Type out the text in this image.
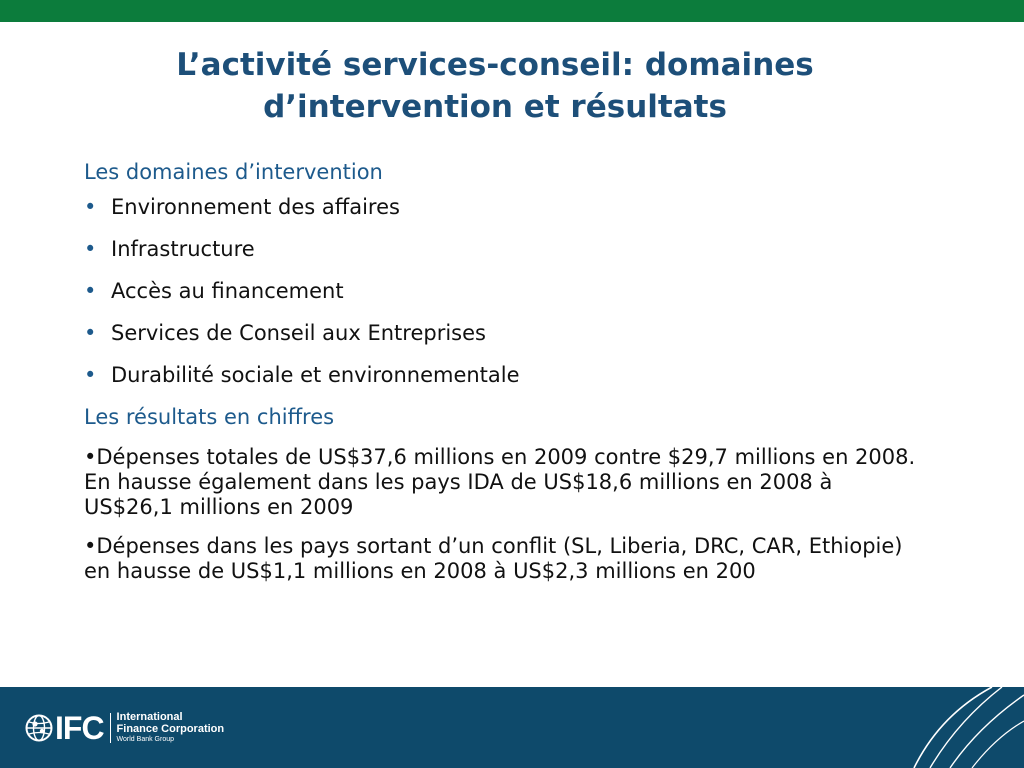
L’activité services-conseil: domaines
d’intervention et résultats
Les domaines d’intervention
• Environnement des affaires
• Infrastructure
• Accès au financement
• Services de Conseil aux Entreprises
• Durabilité sociale et environnementale
Les résultats en chiffres

•Dépenses totales de US$37,6 millions en 2009 contre $29,7 millions en 2008. En hausse également dans les pays IDA de US$18,6 millions en 2008 à US$26,1 millions en 2009

•Dépenses dans les pays sortant d’un conflit (SL, Liberia, DRC, CAR, Ethiopie) en hausse de US$1,1 millions en 2008 à US$2,3 millions en 200

IFC International
Finance Corporation
World Bank Group
